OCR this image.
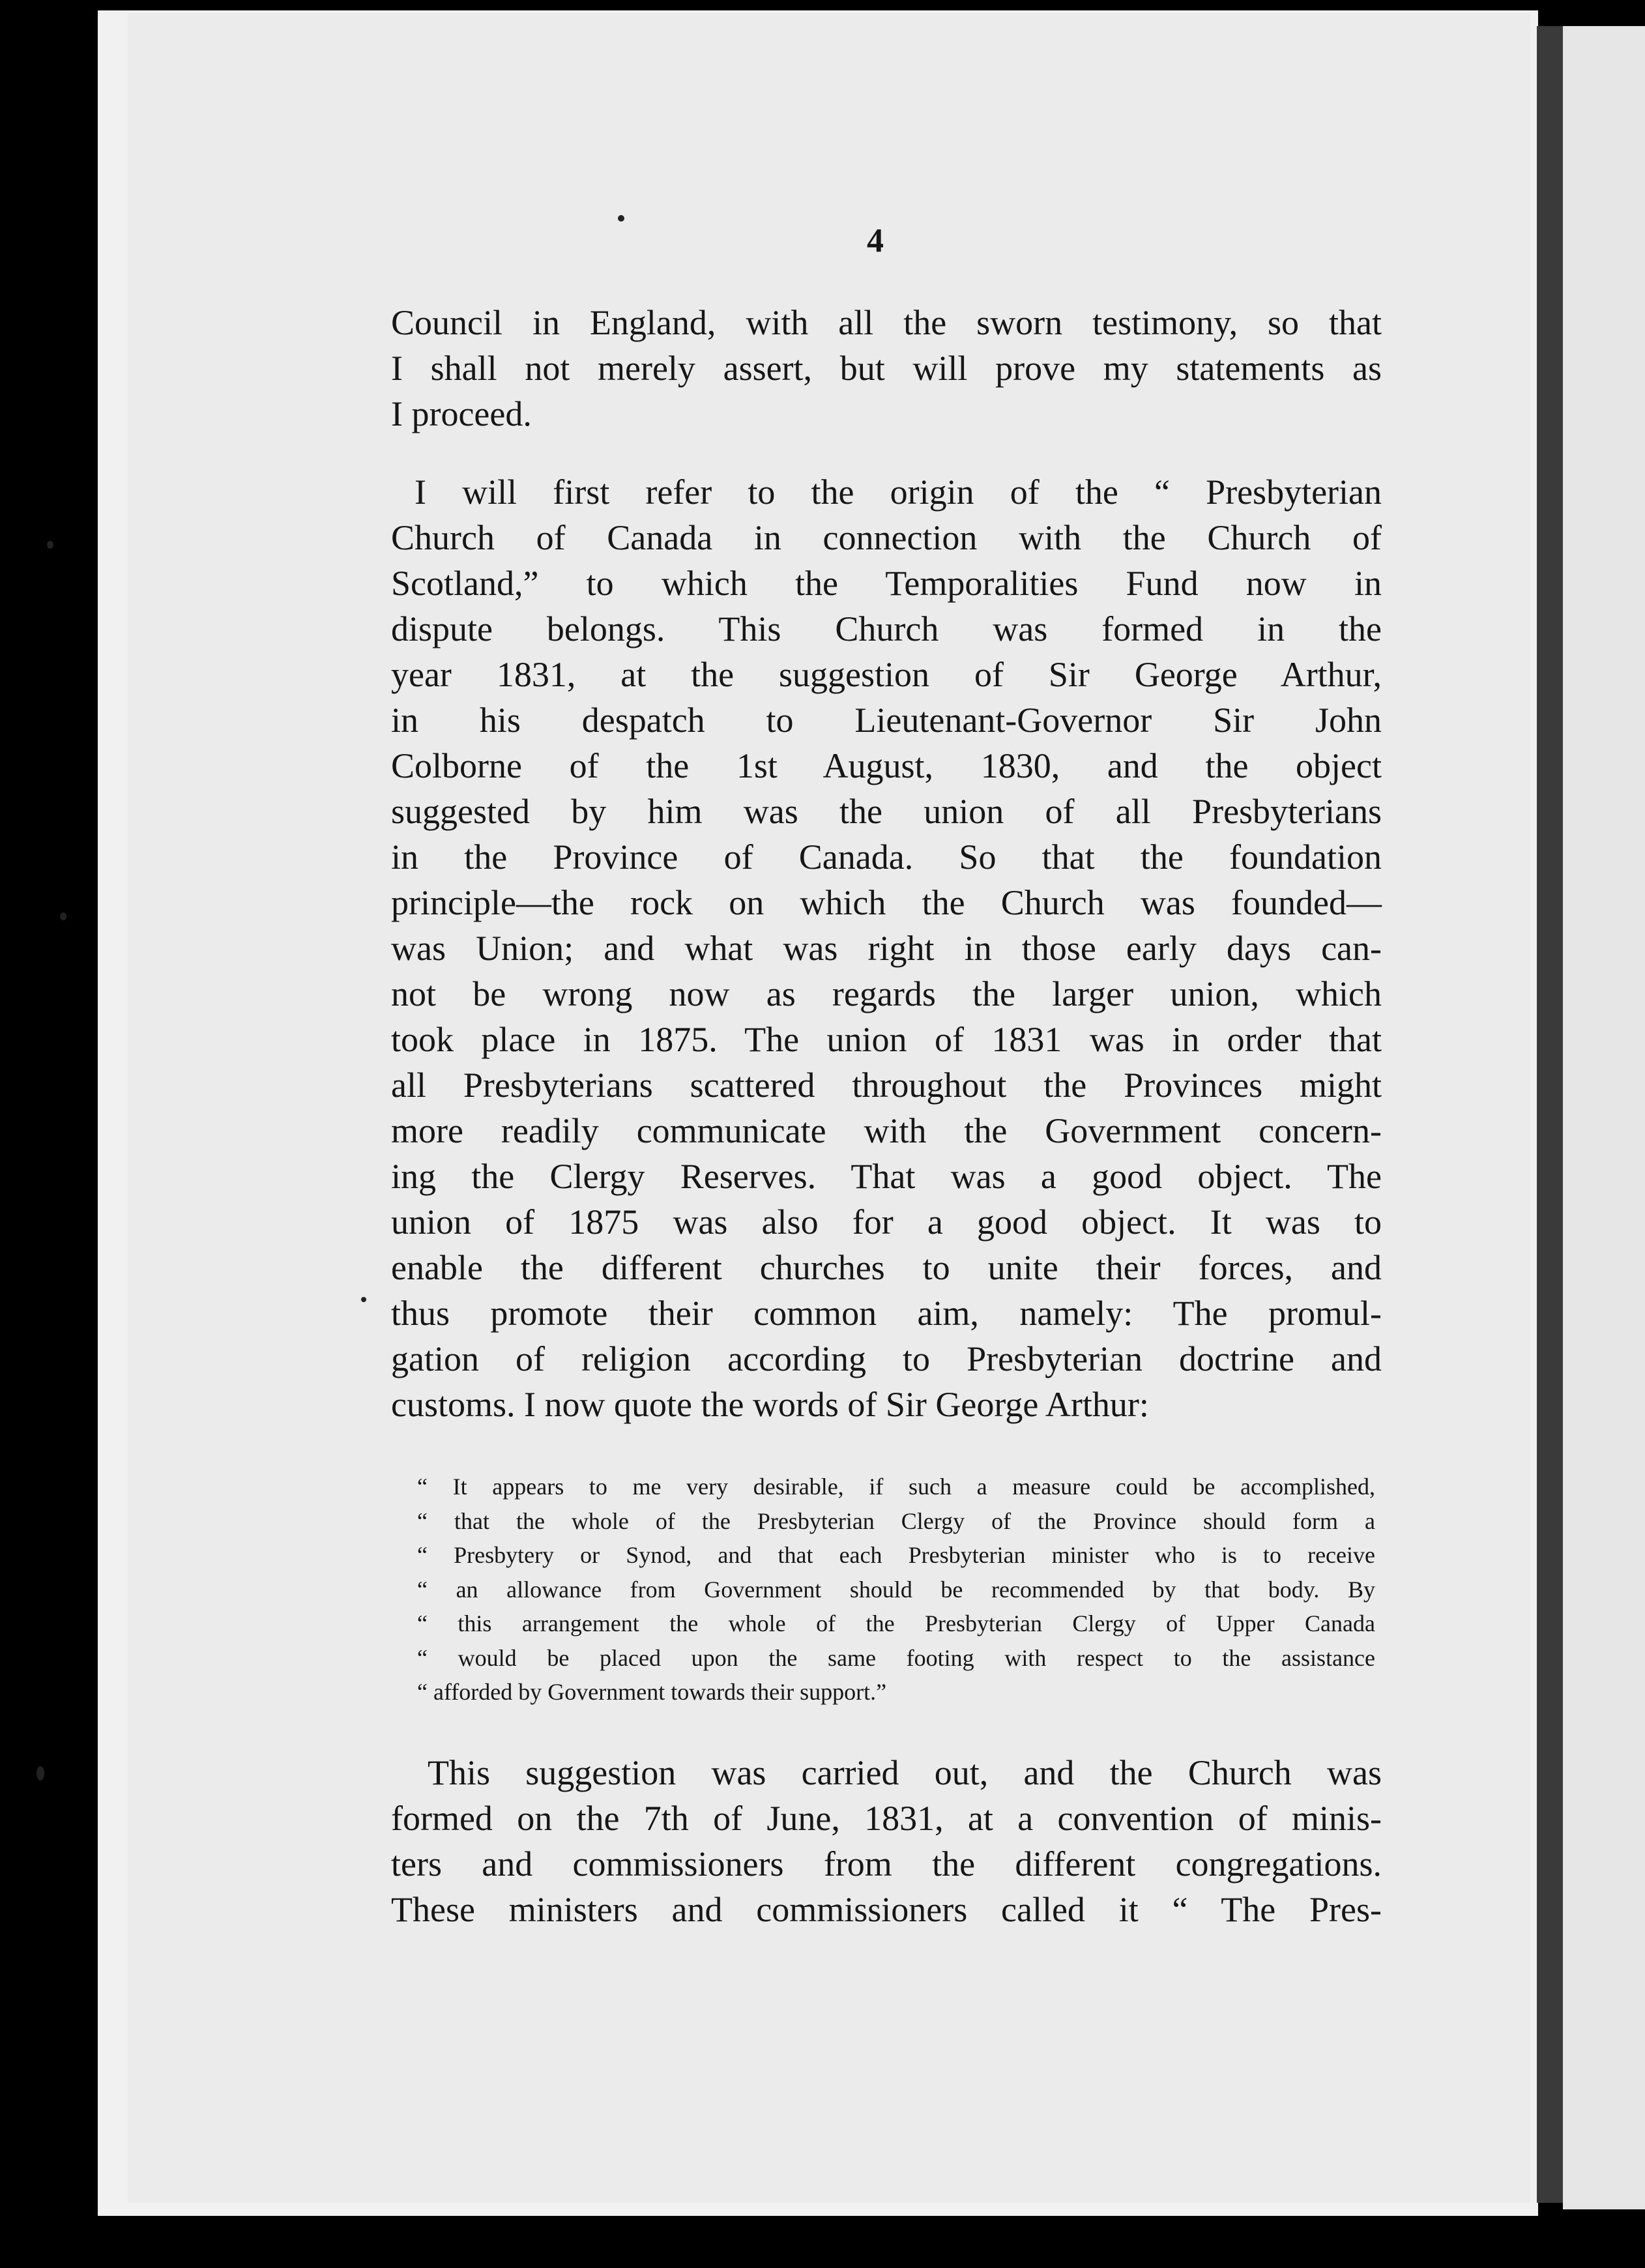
4
Council in England, with all the sworn testimony, so that
I shall not merely assert, but will prove my statements as
I proceed.
I will first refer to the origin of the “ Presbyterian
Church of Canada in connection with the Church of
Scotland,” to which the Temporalities Fund now in
dispute belongs. This Church was formed in the
year 1831, at the suggestion of Sir George Arthur,
in his despatch to Lieutenant-Governor Sir John
Colborne of the 1st August, 1830, and the object
suggested by him was the union of all Presbyterians
in the Province of Canada. So that the foundation
principle—the rock on which the Church was founded—
was Union; and what was right in those early days can-
not be wrong now as regards the larger union, which
took place in 1875. The union of 1831 was in order that
all Presbyterians scattered throughout the Provinces might
more readily communicate with the Government concern-
ing the Clergy Reserves. That was a good object. The
union of 1875 was also for a good object. It was to
enable the different churches to unite their forces, and
thus promote their common aim, namely: The promul-
gation of religion according to Presbyterian doctrine and
customs. I now quote the words of Sir George Arthur:
“ It appears to me very desirable, if such a measure could be accomplished,
“ that the whole of the Presbyterian Clergy of the Province should form a
“ Presbytery or Synod, and that each Presbyterian minister who is to receive
“ an allowance from Government should be recommended by that body. By
“ this arrangement the whole of the Presbyterian Clergy of Upper Canada
“ would be placed upon the same footing with respect to the assistance
“ afforded by Government towards their support.”
This suggestion was carried out, and the Church was
formed on the 7th of June, 1831, at a convention of minis-
ters and commissioners from the different congregations.
These ministers and commissioners called it “ The Pres-
